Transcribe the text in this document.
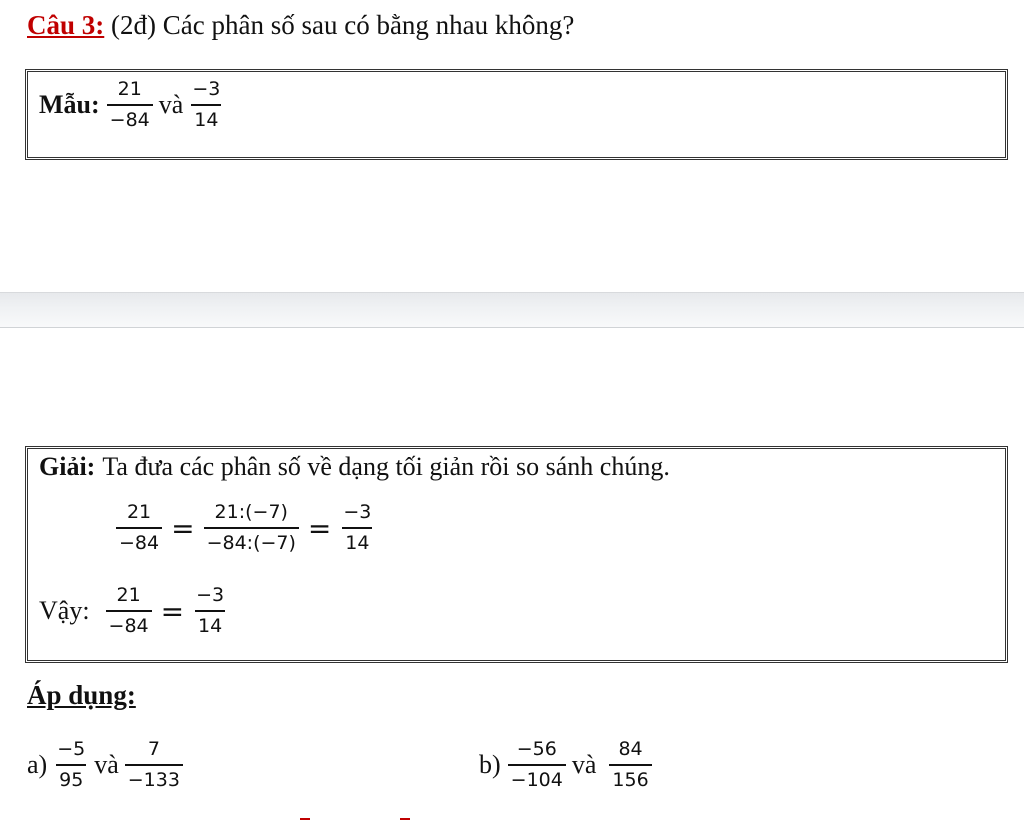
Câu 3: (2đ) Các phân số sau có bằng nhau không?
Mẫu: $\frac{21}{-84}$ và $\frac{-3}{14}$
Giải: Ta đưa các phân số về dạng tối giản rồi so sánh chúng.
$\frac{21}{-84} = \frac{21:(-7)}{-84:(-7)} = \frac{-3}{14}$
Vậy: $\frac{21}{-84} = \frac{-3}{14}$
Áp dụng:
$a) \frac{-5}{95}$ và $\frac{7}{-133}$	$b) \frac{-56}{-104}$ và $\frac{84}{156}$
